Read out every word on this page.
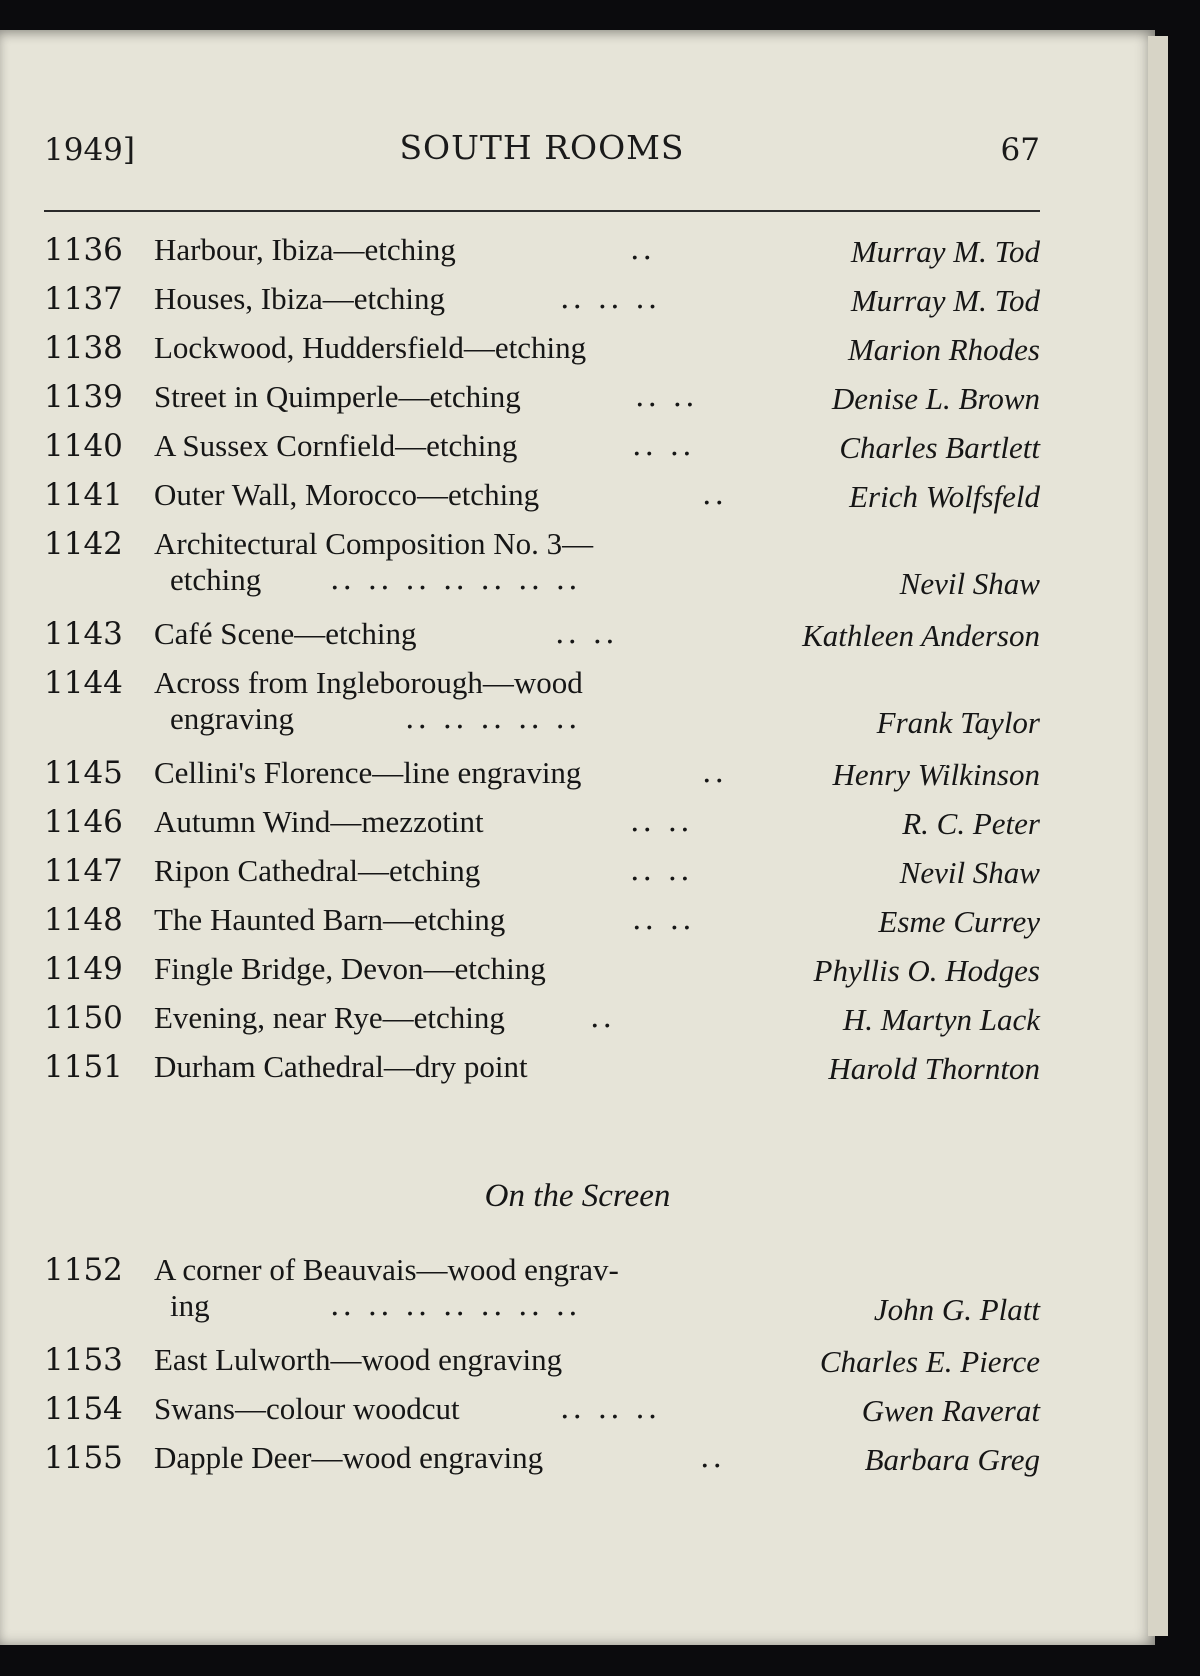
1949]	SOUTH ROOMS	67
1136 Harbour, Ibiza—etching	..	Murray M. Tod
1137 Houses, Ibiza—etching	.. .. ..	Murray M. Tod
1138 Lockwood, Huddersfield—etching	Marion Rhodes
1139 Street in Quimperle—etching	.. ..	Denise L. Brown
1140 A Sussex Cornfield—etching	.. ..	Charles Bartlett
1141 Outer Wall, Morocco—etching	..	Erich Wolfsfeld
1142 Architectural Composition No. 3—
etching .. .. .. .. .. .. ..	Nevil Shaw
1143 Café Scene—etching	.. ..	Kathleen Anderson
1144 Across from Ingleborough—wood
engraving	.. .. .. .. ..	Frank Taylor
1145 Cellini's Florence—line engraving	..	Henry Wilkinson
1146 Autumn Wind—mezzotint	.. ..	R. C. Peter
1147 Ripon Cathedral—etching	.. ..	Nevil Shaw
1148 The Haunted Barn—etching	.. ..	Esme Currey
1149 Fingle Bridge, Devon—etching	Phyllis O. Hodges
1150 Evening, near Rye—etching	..	H. Martyn Lack
1151 Durham Cathedral—dry point	Harold Thornton
On the Screen
1152 A corner of Beauvais—wood engrav-
ing	.. .. .. .. .. .. ..	John G. Platt
1153 East Lulworth—wood engraving	Charles E. Pierce
1154 Swans—colour woodcut	.. .. ..	Gwen Raverat
1155 Dapple Deer—wood engraving	..	Barbara Greg
